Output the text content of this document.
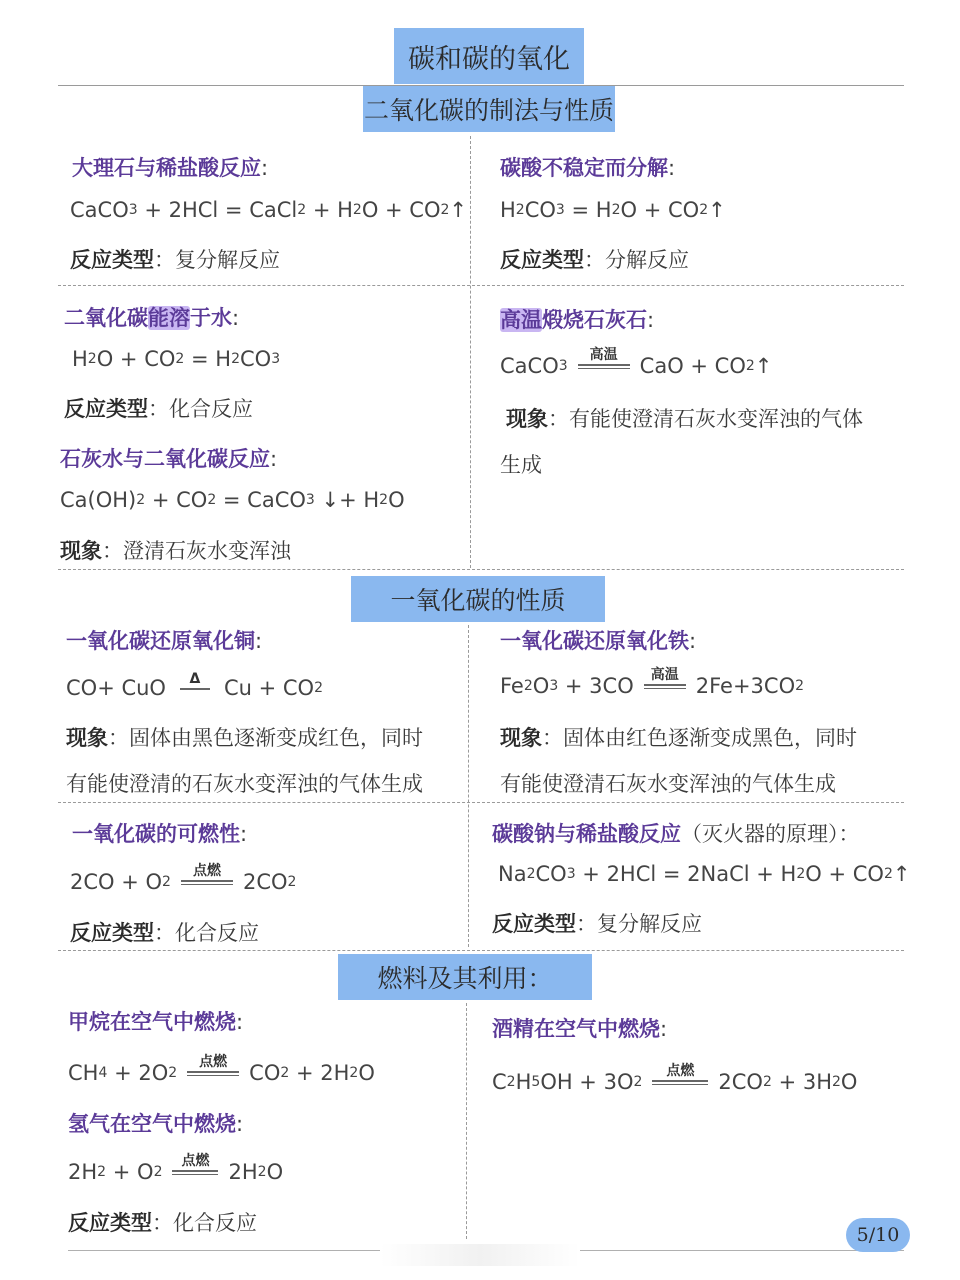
碳和碳的氧化
二氧化碳的制法与性质
大理石与稀盐酸反应:
CaCO 3 + 2HCl = CaCl 2 + H 2 O + CO 2 ↑
反应类型：复分解反应
碳酸不稳定而分解:
H 2 CO 3 = H 2 O + CO 2 ↑
反应类型：分解反应
二氧化碳能溶于水:
H 2 O + CO 2 = H 2 CO 3
反应类型：化合反应
石灰水与二氧化碳反应:
Ca(OH) 2 + CO 2 = CaCO 3 ↓+ H 2 O
现象：澄清石灰水变浑浊
高温煅烧石灰石:
CaCO 3
高温 CaO + CO 2 ↑
现象：有能使澄清石灰水变浑浊的气体
生成
一氧化碳的性质
一氧化碳还原氧化铜:
CO+ CuO Δ Cu + CO 2
现象：固体由黑色逐渐变成红色，同时
有能使澄清的石灰水变浑浊的气体生成
一氧化碳还原氧化铁:
Fe 2 O 3 + 3CO 高温 2Fe+3CO 2
现象：固体由红色逐渐变成黑色，同时
有能使澄清石灰水变浑浊的气体生成
一氧化碳的可燃性:
2CO + O 2
点燃 2CO 2
反应类型：化合反应
碳酸钠与稀盐酸反应（灭火器的原理）：
Na 2 CO 3 + 2HCl = 2NaCl + H 2 O + CO 2 ↑
反应类型：复分解反应
燃料及其利用：
甲烷在空气中燃烧:
CH 4 + 2O 2
点燃 CO 2 + 2H 2 O
氢气在空气中燃烧:
2H 2 + O 2
点燃 2H 2 O
反应类型：化合反应
酒精在空气中燃烧:
C 2 H 5 OH + 3O 2
点燃 2CO 2 + 3H 2 O
5/10
